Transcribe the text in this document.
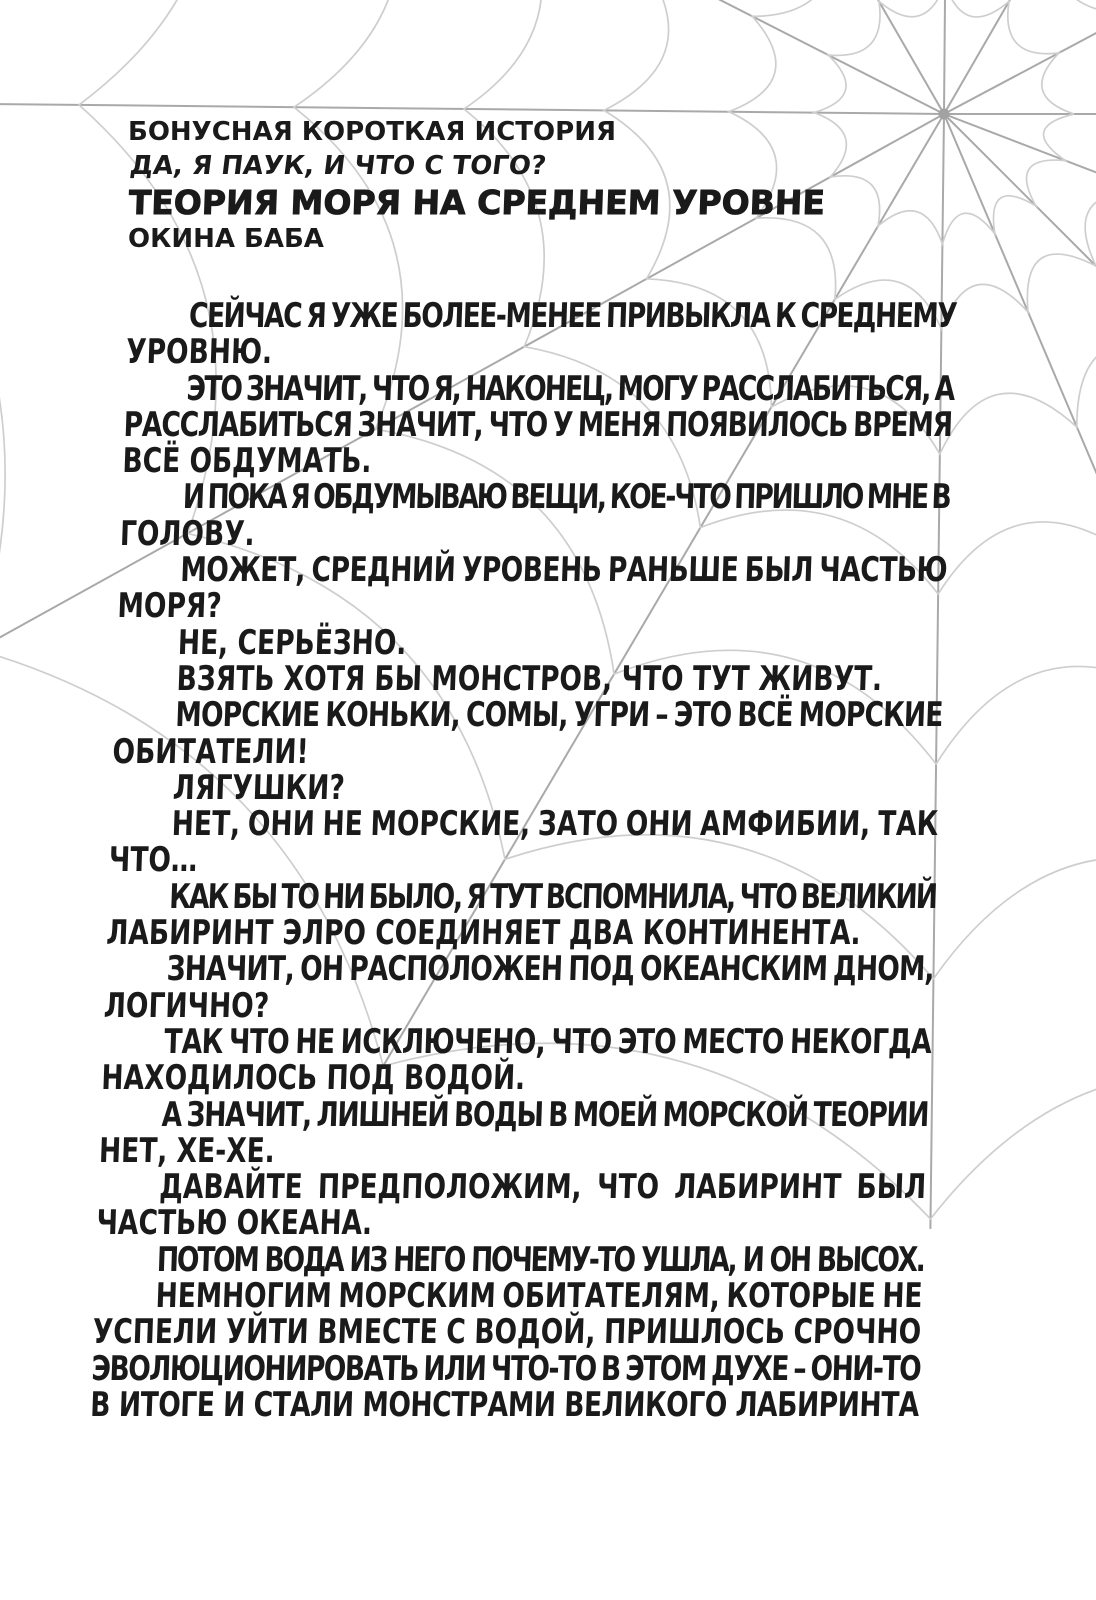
БОНУСНАЯ КОРОТКАЯ ИСТОРИЯ
ДА, Я ПАУК, И ЧТО С ТОГО?
ТЕОРИЯ МОРЯ НА СРЕДНЕМ УРОВНЕ
ОКИНА БАБА
СЕЙЧАС Я УЖЕ БОЛЕЕ-МЕНЕЕ ПРИВЫКЛА К СРЕДНЕМУ
УРОВНЮ.
ЭТО ЗНАЧИТ, ЧТО Я, НАКОНЕЦ, МОГУ РАССЛАБИТЬСЯ, А
РАССЛАБИТЬСЯ ЗНАЧИТ, ЧТО У МЕНЯ ПОЯВИЛОСЬ ВРЕМЯ
ВСЁ ОБДУМАТЬ.
И ПОКА Я ОБДУМЫВАЮ ВЕЩИ, КОЕ-ЧТО ПРИШЛО МНЕ В
ГОЛОВУ.
МОЖЕТ, СРЕДНИЙ УРОВЕНЬ РАНЬШЕ БЫЛ ЧАСТЬЮ
МОРЯ?
НЕ, СЕРЬЁЗНО.
ВЗЯТЬ ХОТЯ БЫ МОНСТРОВ, ЧТО ТУТ ЖИВУТ.
МОРСКИЕ КОНЬКИ, СОМЫ, УГРИ – ЭТО ВСЁ МОРСКИЕ
ОБИТАТЕЛИ!
ЛЯГУШКИ?
НЕТ, ОНИ НЕ МОРСКИЕ, ЗАТО ОНИ АМФИБИИ, ТАК
ЧТО…
КАК БЫ ТО НИ БЫЛО, Я ТУТ ВСПОМНИЛА, ЧТО ВЕЛИКИЙ
ЛАБИРИНТ ЭЛРО СОЕДИНЯЕТ ДВА КОНТИНЕНТА.
ЗНАЧИТ, ОН РАСПОЛОЖЕН ПОД ОКЕАНСКИМ ДНОМ,
ЛОГИЧНО?
ТАК ЧТО НЕ ИСКЛЮЧЕНО, ЧТО ЭТО МЕСТО НЕКОГДА
НАХОДИЛОСЬ ПОД ВОДОЙ.
А ЗНАЧИТ, ЛИШНЕЙ ВОДЫ В МОЕЙ МОРСКОЙ ТЕОРИИ
НЕТ, ХЕ-ХЕ.
ДАВАЙТЕ ПРЕДПОЛОЖИМ, ЧТО ЛАБИРИНТ БЫЛ
ЧАСТЬЮ ОКЕАНА.
ПОТОМ ВОДА ИЗ НЕГО ПОЧЕМУ-ТО УШЛА, И ОН ВЫСОХ.
НЕМНОГИМ МОРСКИМ ОБИТАТЕЛЯМ, КОТОРЫЕ НЕ
УСПЕЛИ УЙТИ ВМЕСТЕ С ВОДОЙ, ПРИШЛОСЬ СРОЧНО
ЭВОЛЮЦИОНИРОВАТЬ ИЛИ ЧТО-ТО В ЭТОМ ДУХЕ – ОНИ-ТО
В ИТОГЕ И СТАЛИ МОНСТРАМИ ВЕЛИКОГО ЛАБИРИНТА
